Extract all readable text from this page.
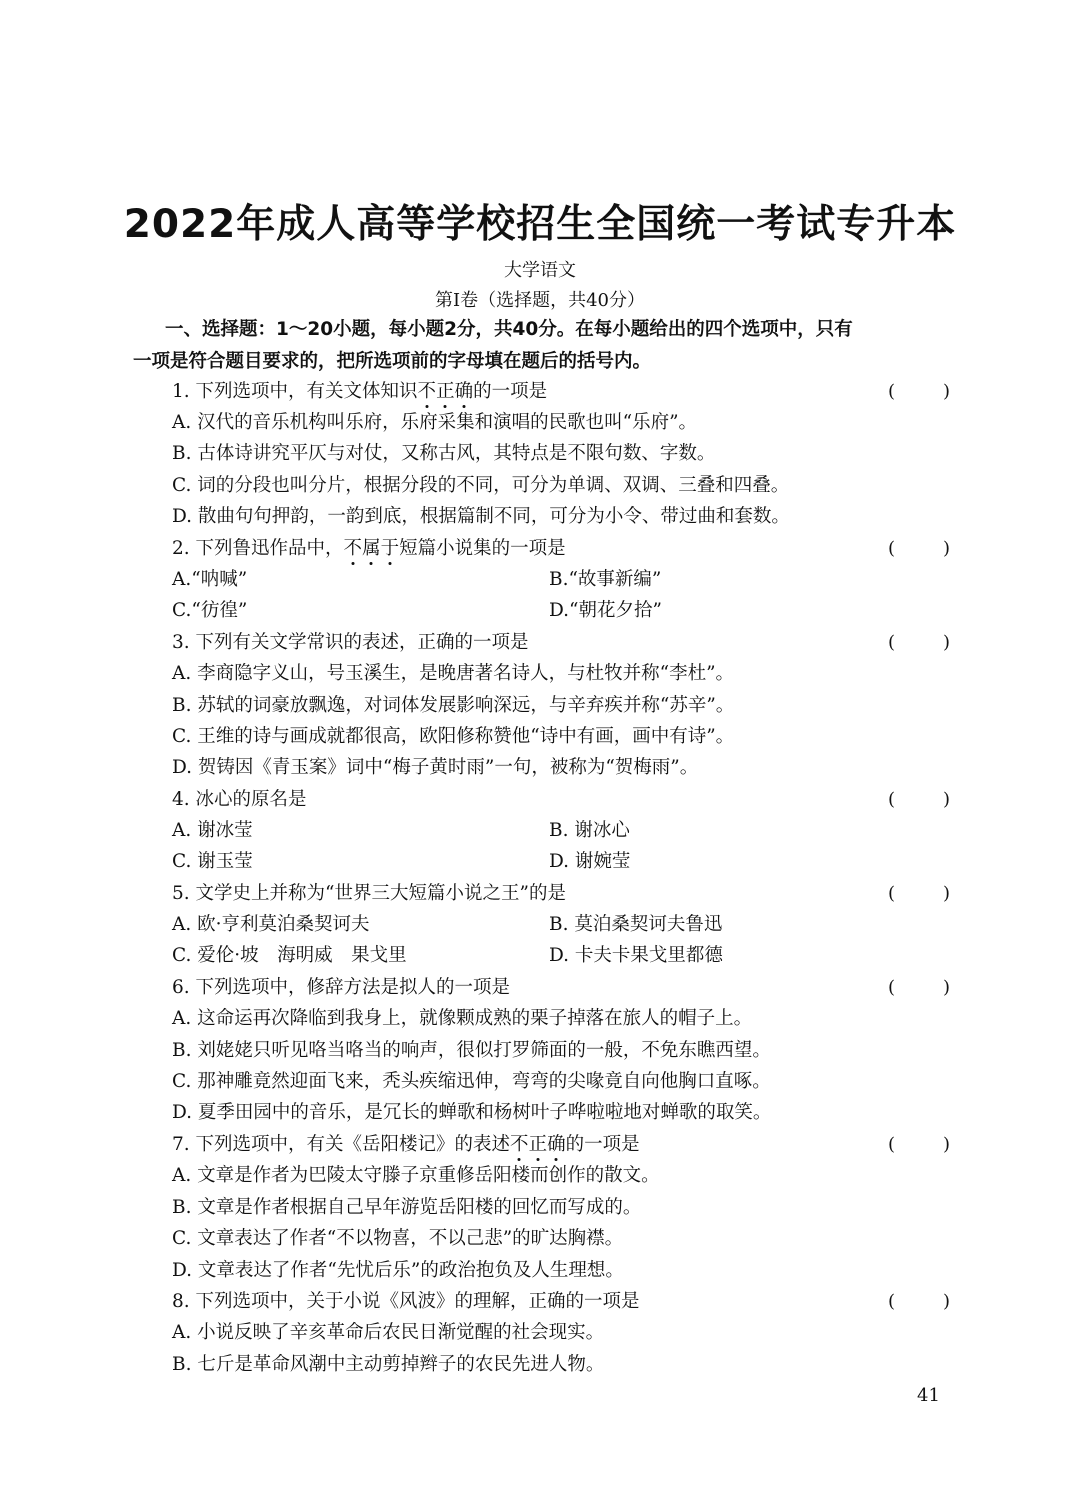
2022年成人高等学校招生全国统一考试专升本
大学语文
第Ⅰ卷（选择题，共40分）
一、选择题：1～20小题，每小题2分，共40分。在每小题给出的四个选项中，只有
一项是符合题目要求的，把所选项前的字母填在题后的括号内。
1. 下列选项中，有关文体知识不正确的一项是	(	)
A. 汉代的音乐机构叫乐府，乐府采集和演唱的民歌也叫“乐府”。
B. 古体诗讲究平仄与对仗，又称古风，其特点是不限句数、字数。
C. 词的分段也叫分片，根据分段的不同，可分为单调、双调、三叠和四叠。
D. 散曲句句押韵，一韵到底，根据篇制不同，可分为小令、带过曲和套数。
2. 下列鲁迅作品中，不属于短篇小说集的一项是	(	)
A.“呐喊”	B.“故事新编”
C.“彷徨”	D.“朝花夕拾”
3. 下列有关文学常识的表述，正确的一项是	(	)
A. 李商隐字义山，号玉溪生，是晚唐著名诗人，与杜牧并称“李杜”。
B. 苏轼的词豪放飘逸，对词体发展影响深远，与辛弃疾并称“苏辛”。
C. 王维的诗与画成就都很高，欧阳修称赞他“诗中有画，画中有诗”。
D. 贺铸因《青玉案》词中“梅子黄时雨”一句，被称为“贺梅雨”。
4. 冰心的原名是	(	)
A. 谢冰莹	B. 谢冰心
C. 谢玉莹	D. 谢婉莹
5. 文学史上并称为“世界三大短篇小说之王”的是	(	)
A. 欧·亨利莫泊桑契诃夫	B. 莫泊桑契诃夫鲁迅
C. 爱伦·坡　海明威　果戈里	D. 卡夫卡果戈里都德
6. 下列选项中，修辞方法是拟人的一项是	(	)
A. 这命运再次降临到我身上，就像颗成熟的栗子掉落在旅人的帽子上。
B. 刘姥姥只听见咯当咯当的响声，很似打罗筛面的一般，不免东瞧西望。
C. 那神雕竟然迎面飞来，秃头疾缩迅伸，弯弯的尖喙竟自向他胸口直啄。
D. 夏季田园中的音乐，是冗长的蝉歌和杨树叶子哗啦啦地对蝉歌的取笑。
7. 下列选项中，有关《岳阳楼记》的表述不正确的一项是	(	)
A. 文章是作者为巴陵太守滕子京重修岳阳楼而创作的散文。
B. 文章是作者根据自己早年游览岳阳楼的回忆而写成的。
C. 文章表达了作者“不以物喜，不以己悲”的旷达胸襟。
D. 文章表达了作者“先忧后乐”的政治抱负及人生理想。
8. 下列选项中，关于小说《风波》的理解，正确的一项是	(	)
A. 小说反映了辛亥革命后农民日渐觉醒的社会现实。
B. 七斤是革命风潮中主动剪掉辫子的农民先进人物。
41
